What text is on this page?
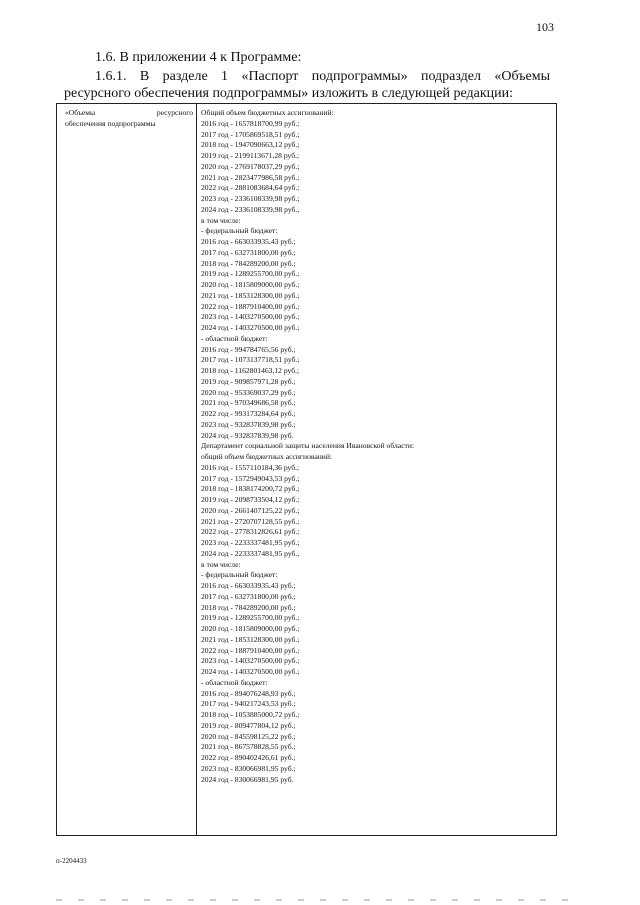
103
1.6. В приложении 4 к Программе:
1.6.1. В разделе 1 «Паспорт подпрограммы» подраздел «Объемы ресурсного обеспечения подпрограммы» изложить в следующей редакции:
«Объемы	ресурсного
обеспечения подпрограммы
Общий объем бюджетных ассигнований:
2016 год - 1657818700,99 руб.;
2017 год - 1705869518,51 руб.;
2018 год - 1947090663,12 руб.;
2019 год - 2199113671,28 руб.;
2020 год - 2769178037,29 руб.;
2021 год - 2823477986,58 руб.;
2022 год - 2881083684,64 руб.;
2023 год - 2336108339,98 руб.;
2024 год - 2336108339,98 руб.,
в том числе:
- федеральный бюджет:
2016 год - 663033935,43 руб.;
2017 год - 632731800,00 руб.;
2018 год - 784289200,00 руб.;
2019 год - 1289255700,00 руб.;
2020 год - 1815809000,00 руб.;
2021 год - 1853128300,00 руб.;
2022 год - 1887910400,00 руб.;
2023 год - 1403270500,00 руб.;
2024 год - 1403270500,00 руб.;
- областной бюджет:
2016 год - 994784765,56 руб.;
2017 год - 1073137718,51 руб.;
2018 год - 1162801463,12 руб.;
2019 год - 909857971,28 руб.;
2020 год - 953369037,29 руб.;
2021 год - 970349686,58 руб.;
2022 год - 993173284,64 руб.;
2023 год - 932837839,98 руб.;
2024 год - 932837839,98 руб.
Департамент социальной защиты населения Ивановской области:
общий объем бюджетных ассигнований:
2016 год - 1557110184,36 руб.;
2017 год - 1572949043,53 руб.;
2018 год - 1838174200,72 руб.;
2019 год - 2098733504,12 руб.;
2020 год - 2661407125,22 руб.;
2021 год - 2720707128,55 руб.;
2022 год - 2778312826,61 руб.;
2023 год - 2233337481,95 руб.;
2024 год - 2233337481,95 руб.,
в том числе:
- федеральный бюджет:
2016 год - 663033935,43 руб.;
2017 год - 632731800,00 руб.;
2018 год - 784289200,00 руб.;
2019 год - 1289255700,00 руб.;
2020 год - 1815809000,00 руб.;
2021 год - 1853128300,00 руб.;
2022 год - 1887910400,00 руб.;
2023 год - 1403270500,00 руб.;
2024 год - 1403270500,00 руб.;
- областной бюджет:
2016 год - 894076248,93 руб.;
2017 год - 940217243,53 руб.;
2018 год - 1053885000,72 руб.;
2019 год - 809477804,12 руб.;
2020 год - 845598125,22 руб.;
2021 год - 867578828,55 руб.;
2022 год - 890402426,61 руб.;
2023 год - 830066981,95 руб.;
2024 год - 830066981,95 руб.
п-2204433
